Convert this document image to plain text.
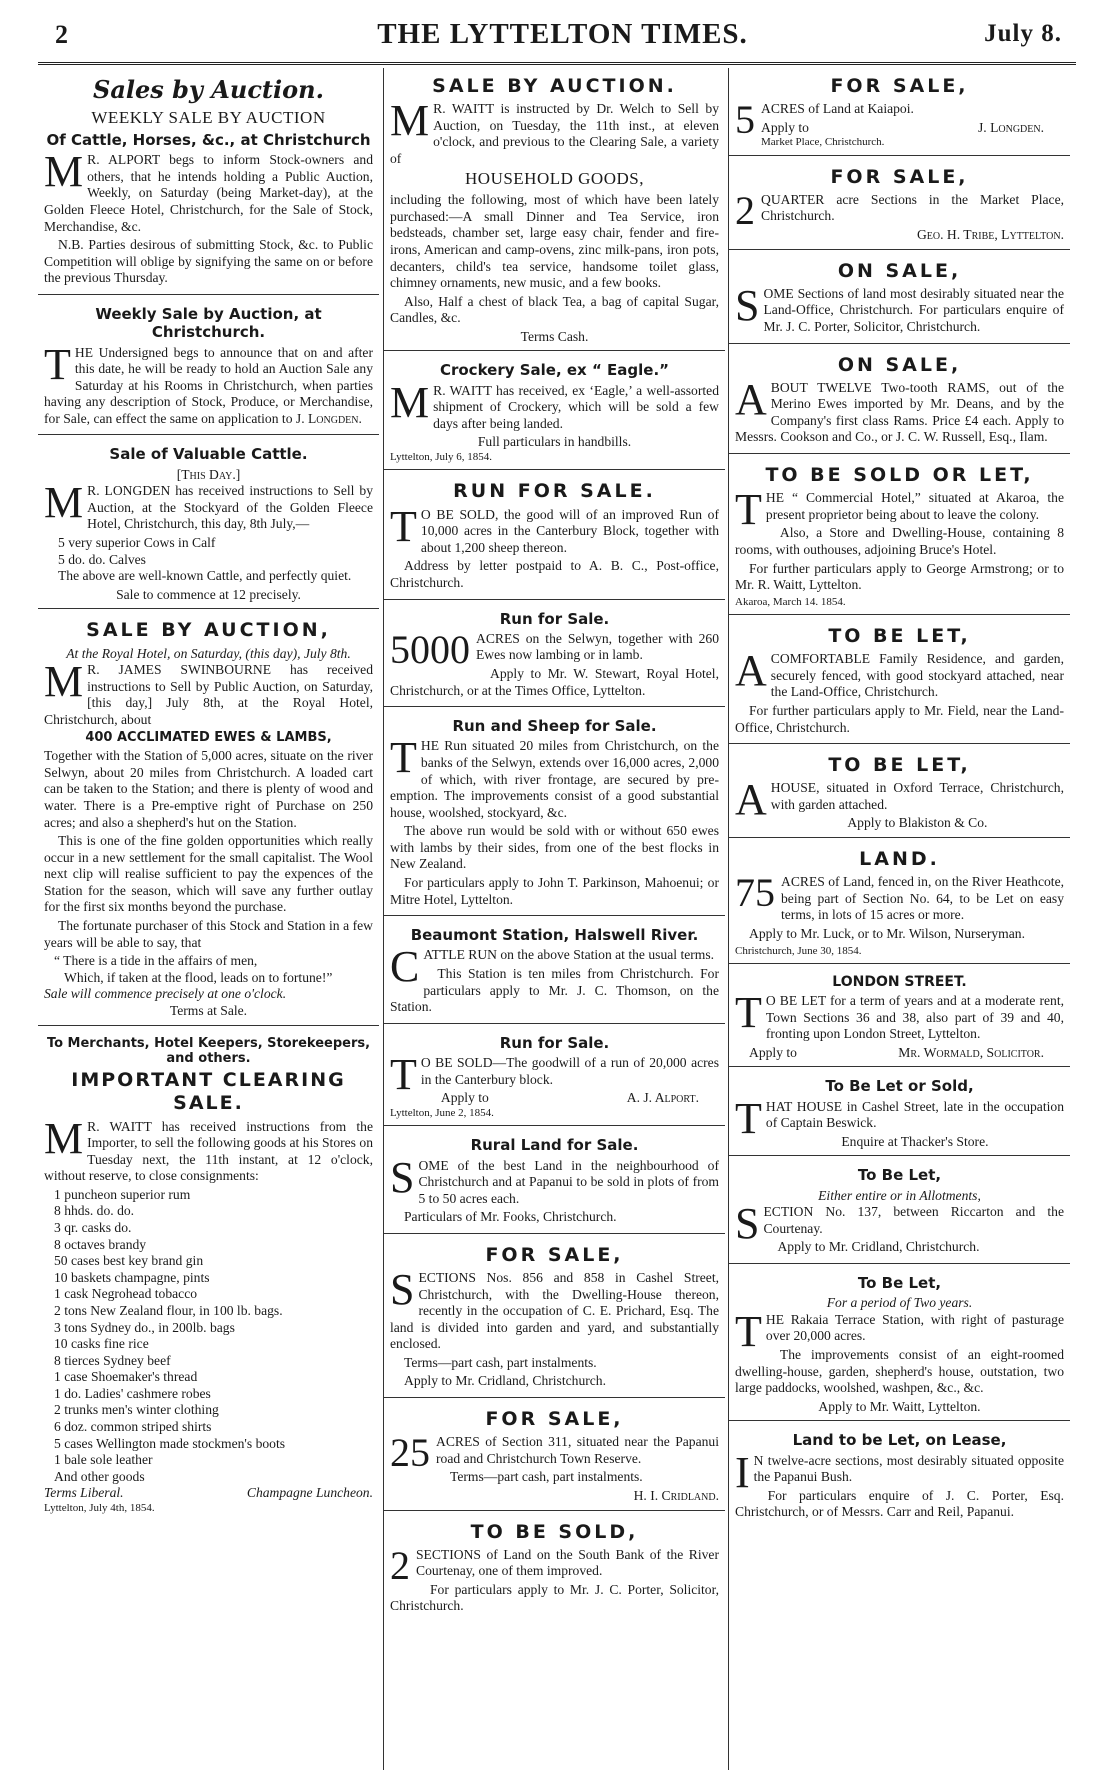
2	THE LYTTELTON TIMES.	July 8.
Sales by Auction.
WEEKLY SALE BY AUCTION
Of Cattle, Horses, &c., at Christchurch

M R. ALPORT begs to inform Stock-owners and others, that he intends holding a Public Auction, Weekly, on Saturday (being Market-day), at the Golden Fleece Hotel, Christchurch, for the Sale of Stock, Merchandise, &c.

N.B. Parties desirous of submitting Stock, &c. to Public Competition will oblige by signifying the same on or before the previous Thursday.

Weekly Sale by Auction, at Christchurch.

THE Undersigned begs to announce that on and after this date, he will be ready to hold an Auction Sale any Saturday at his Rooms in Christchurch, when parties having any description of Stock, Produce, or Merchandise, for Sale, can effect the same on application to J. Longden.

Sale of Valuable Cattle.
[This Day.]

M R. LONGDEN has received instructions to Sell by Auction, at the Stockyard of the Golden Fleece Hotel, Christchurch, this day, 8th July,—

5 very superior Cows in Calf
5 do. do. Calves

The above are well-known Cattle, and perfectly quiet.

Sale to commence at 12 precisely.
SALE BY AUCTION,
At the Royal Hotel, on Saturday, (this day), July 8th.

M R. JAMES SWINBOURNE has received instructions to Sell by Public Auction, on Saturday, [this day,] July 8th, at the Royal Hotel, Christchurch, about

400 ACCLIMATED EWES & LAMBS,

Together with the Station of 5,000 acres, situate on the river Selwyn, about 20 miles from Christchurch. A loaded cart can be taken to the Station; and there is plenty of wood and water. There is a Pre-emptive right of Purchase on 250 acres; and also a shepherd's hut on the Station.

This is one of the fine golden opportunities which really occur in a new settlement for the small capitalist. The Wool next clip will realise sufficient to pay the expences of the Station for the season, which will save any further outlay for the first six months beyond the purchase.

The fortunate purchaser of this Stock and Station in a few years will be able to say, that

“ There is a tide in the affairs of men,
Which, if taken at the flood, leads on to fortune!”
Sale will commence precisely at one o'clock.
Terms at Sale.
To Merchants, Hotel Keepers, Storekeepers, and others.
IMPORTANT CLEARING SALE.

M R. WAITT has received instructions from the Importer, to sell the following goods at his Stores on Tuesday next, the 11th instant, at 12 o'clock, without reserve, to close consignments:

1 puncheon superior rum
8 hhds. do. do.
3 qr. casks do.
8 octaves brandy
50 cases best key brand gin
10 baskets champagne, pints
1 cask Negrohead tobacco
2 tons New Zealand flour, in 100 lb. bags.
3 tons Sydney do., in 200lb. bags
10 casks fine rice
8 tierces Sydney beef
1 case Shoemaker's thread
1 do. Ladies' cashmere robes
2 trunks men's winter clothing
6 doz. common striped shirts
5 cases Wellington made stockmen's boots
1 bale sole leather
And other goods
Terms Liberal.	Champagne Luncheon.
Lyttelton, July 4th, 1854.
SALE BY AUCTION.

M R. WAITT is instructed by Dr. Welch to Sell by Auction, on Tuesday, the 11th inst., at eleven o'clock, and previous to the Clearing Sale, a variety of

HOUSEHOLD GOODS,

including the following, most of which have been lately purchased:—A small Dinner and Tea Service, iron bedsteads, chamber set, large easy chair, fender and fire-irons, American and camp-ovens, zinc milk-pans, iron pots, decanters, child's tea service, handsome toilet glass, chimney ornaments, new music, and a few books.

Also, Half a chest of black Tea, a bag of capital Sugar, Candles, &c.

Terms Cash.
Crockery Sale, ex “ Eagle.”

M R. WAITT has received, ex ‘Eagle,’ a well-assorted shipment of Crockery, which will be sold a few days after being landed.

Full particulars in handbills.
Lyttelton, July 6, 1854.
RUN FOR SALE.

T O BE SOLD, the good will of an improved Run of 10,000 acres in the Canterbury Block, together with about 1,200 sheep thereon.

Address by letter postpaid to A. B. C., Post-office, Christchurch.

Run for Sale.

5000 ACRES on the Selwyn, together with 260 Ewes now lambing or in lamb.

Apply to Mr. W. Stewart, Royal Hotel, Christchurch, or at the Times Office, Lyttelton.

Run and Sheep for Sale.

THE Run situated 20 miles from Christchurch, on the banks of the Selwyn, extends over 16,000 acres, 2,000 of which, with river frontage, are secured by pre-emption. The improvements consist of a good substantial house, woolshed, stockyard, &c.

The above run would be sold with or without 650 ewes with lambs by their sides, from one of the best flocks in New Zealand.

For particulars apply to John T. Parkinson, Mahoenui; or Mitre Hotel, Lyttelton.

Beaumont Station, Halswell River.

CATTLE RUN on the above Station at the usual terms.

This Station is ten miles from Christchurch. For particulars apply to Mr. J. C. Thomson, on the Station.

Run for Sale.

T O BE SOLD—The goodwill of a run of 20,000 acres in the Canterbury block.

Apply to	A. J. Alport.
Lyttelton, June 2, 1854.
Rural Land for Sale.

SOME of the best Land in the neighbourhood of Christchurch and at Papanui to be sold in plots of from 5 to 50 acres each.

Particulars of Mr. Fooks, Christchurch.

FOR SALE,

SECTIONS Nos. 856 and 858 in Cashel Street, Christchurch, with the Dwelling-House thereon, recently in the occupation of C. E. Prichard, Esq. The land is divided into garden and yard, and substantially enclosed.

Terms—part cash, part instalments.

Apply to Mr. Cridland, Christchurch.

FOR SALE,

25 ACRES of Section 311, situated near the Papanui road and Christchurch Town Reserve.

Terms—part cash, part instalments.

H. I. Cridland.
TO BE SOLD,

2 SECTIONS of Land on the South Bank of the River Courtenay, one of them improved.

For particulars apply to Mr. J. C. Porter, Solicitor, Christchurch.

FOR SALE,

5 ACRES of Land at Kaiapoi.

Apply to	J. Longden.
Market Place, Christchurch.
FOR SALE,

2 QUARTER acre Sections in the Market Place, Christchurch.

Geo. H. Tribe, Lyttelton.
ON SALE,

SOME Sections of land most desirably situated near the Land-Office, Christchurch. For particulars enquire of Mr. J. C. Porter, Solicitor, Christchurch.

ON SALE,

ABOUT TWELVE Two-tooth RAMS, out of the Merino Ewes imported by Mr. Deans, and by the Company's first class Rams. Price £4 each. Apply to Messrs. Cookson and Co., or J. C. W. Russell, Esq., Ilam.

TO BE SOLD OR LET,

THE “ Commercial Hotel,” situated at Akaroa, the present proprietor being about to leave the colony.

Also, a Store and Dwelling-House, containing 8 rooms, with outhouses, adjoining Bruce's Hotel.

For further particulars apply to George Armstrong; or to Mr. R. Waitt, Lyttelton.

Akaroa, March 14. 1854.
TO BE LET,

ACOMFORTABLE Family Residence, and garden, securely fenced, with good stockyard attached, near the Land-Office, Christchurch.

For further particulars apply to Mr. Field, near the Land-Office, Christchurch.

TO BE LET,

AHOUSE, situated in Oxford Terrace, Christchurch, with garden attached.

Apply to Blakiston & Co.
LAND.

75 ACRES of Land, fenced in, on the River Heathcote, being part of Section No. 64, to be Let on easy terms, in lots of 15 acres or more.

Apply to Mr. Luck, or to Mr. Wilson, Nurseryman.

Christchurch, June 30, 1854.
LONDON STREET.

T O BE LET for a term of years and at a moderate rent, Town Sections 36 and 38, also part of 39 and 40, fronting upon London Street, Lyttelton.

Apply to	Mr. Wormald, Solicitor.
To Be Let or Sold,

THAT HOUSE in Cashel Street, late in the occupation of Captain Beswick.

Enquire at Thacker's Store.
To Be Let,
Either entire or in Allotments,

SECTION No. 137, between Riccarton and the Courtenay.

Apply to Mr. Cridland, Christchurch.

To Be Let,
For a period of Two years.

THE Rakaia Terrace Station, with right of pasturage over 20,000 acres.

The improvements consist of an eight-roomed dwelling-house, garden, shepherd's house, outstation, two large paddocks, woolshed, washpen, &c., &c.

Apply to Mr. Waitt, Lyttelton.
Land to be Let, on Lease,

I N twelve-acre sections, most desirably situated opposite the Papanui Bush.

For particulars enquire of J. C. Porter, Esq. Christchurch, or of Messrs. Carr and Reil, Papanui.
